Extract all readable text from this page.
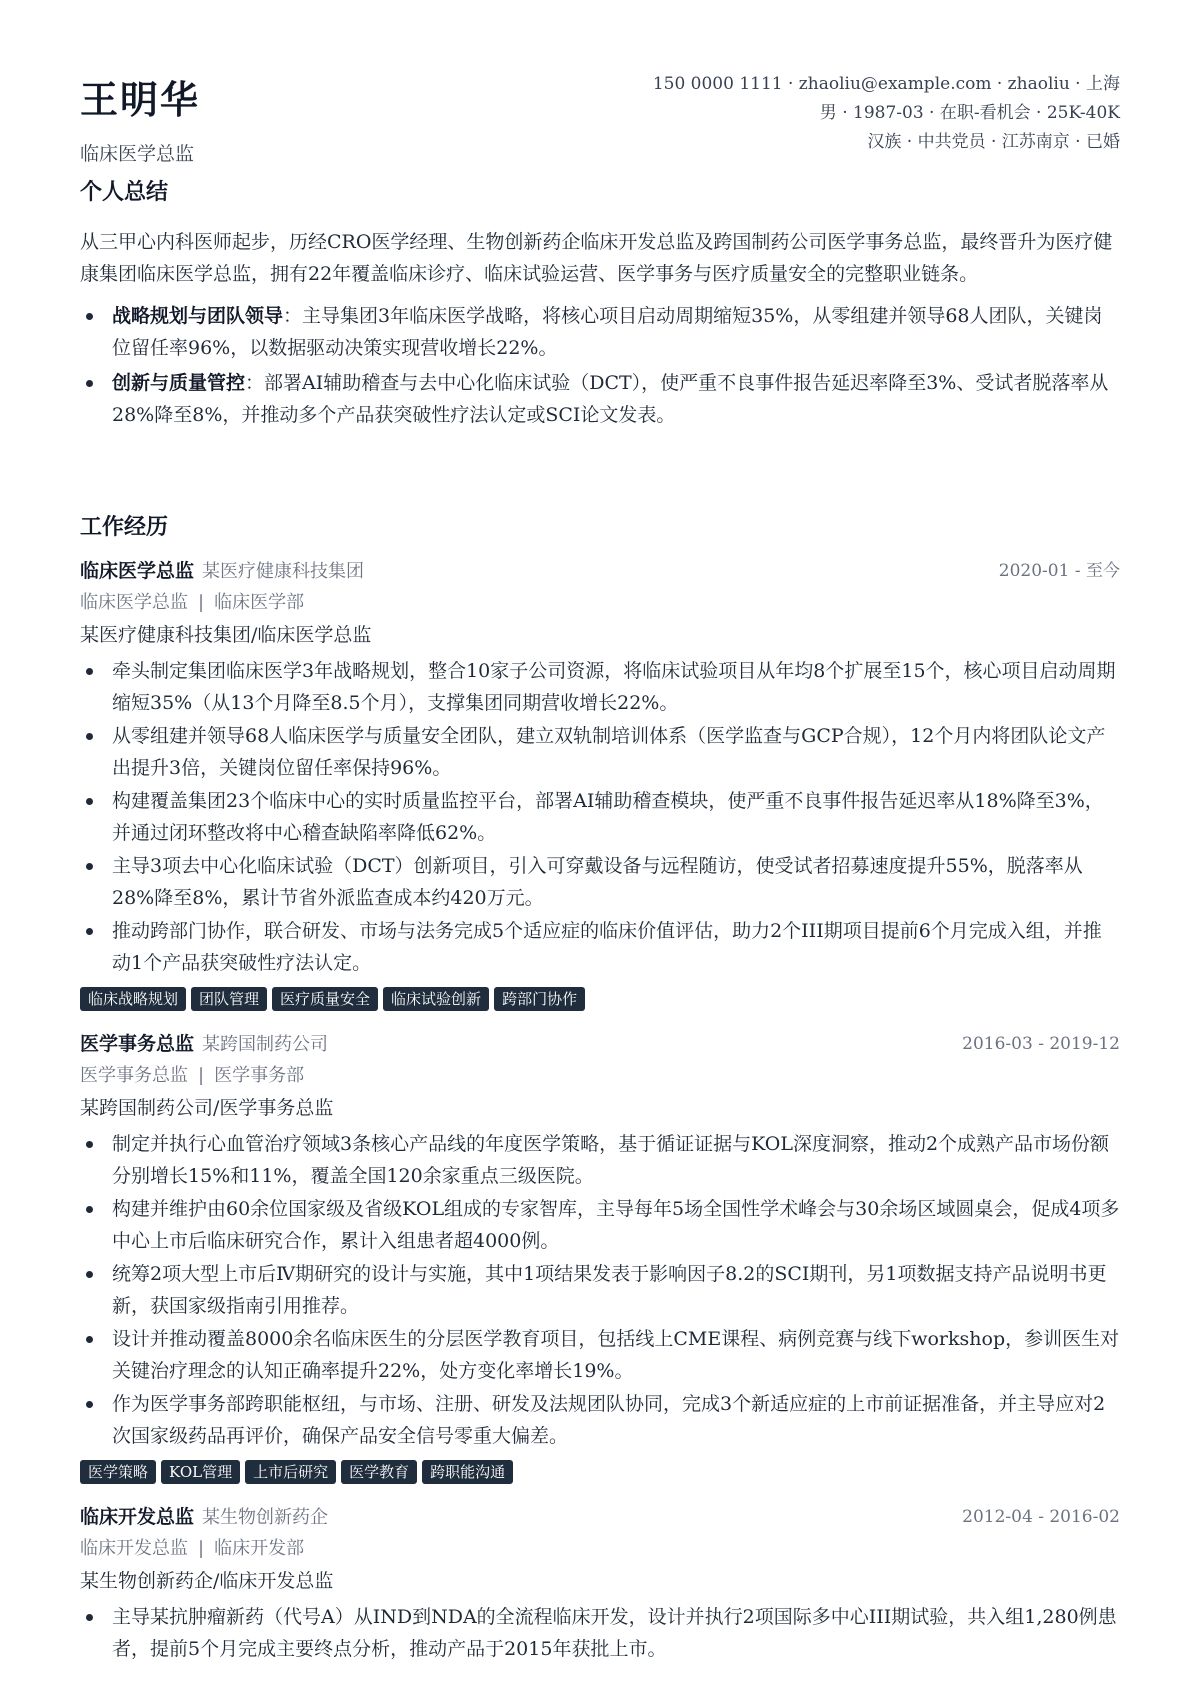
王明华
临床医学总监
150 0000 1111 · zhaoliu@example.com · zhaoliu · 上海
男 · 1987-03 · 在职-看机会 · 25K-40K
汉族 · 中共党员 · 江苏南京 · 已婚
个人总结

从三甲心内科医师起步，历经CRO医学经理、生物创新药企临床开发总监及跨国制药公司医学事务总监，最终晋升为医疗健康集团临床医学总监，拥有22年覆盖临床诊疗、临床试验运营、医学事务与医疗质量安全的完整职业链条。

战略规划与团队领导：主导集团3年临床医学战略，将核心项目启动周期缩短35%，从零组建并领导68人团队，关键岗位留任率96%，以数据驱动决策实现营收增长22%。
创新与质量管控：部署AI辅助稽查与去中心化临床试验（DCT），使严重不良事件报告延迟率降至3%、受试者脱落率从28%降至8%，并推动多个产品获突破性疗法认定或SCI论文发表。
工作经历
临床医学总监 某医疗健康科技集团	2020-01 - 至今
临床医学总监 | 临床医学部
某医疗健康科技集团/临床医学总监
牵头制定集团临床医学3年战略规划，整合10家子公司资源，将临床试验项目从年均8个扩展至15个，核心项目启动周期缩短35%（从13个月降至8.5个月），支撑集团同期营收增长22%。
从零组建并领导68人临床医学与质量安全团队，建立双轨制培训体系（医学监查与GCP合规），12个月内将团队论文产出提升3倍，关键岗位留任率保持96%。
构建覆盖集团23个临床中心的实时质量监控平台，部署AI辅助稽查模块，使严重不良事件报告延迟率从18%降至3%，并通过闭环整改将中心稽查缺陷率降低62%。
主导3项去中心化临床试验（DCT）创新项目，引入可穿戴设备与远程随访，使受试者招募速度提升55%，脱落率从28%降至8%，累计节省外派监查成本约420万元。
推动跨部门协作，联合研发、市场与法务完成5个适应症的临床价值评估，助力2个III期项目提前6个月完成入组，并推动1个产品获突破性疗法认定。
临床战略规划 团队管理 医疗质量安全 临床试验创新 跨部门协作
医学事务总监 某跨国制药公司	2016-03 - 2019-12
医学事务总监 | 医学事务部
某跨国制药公司/医学事务总监
制定并执行心血管治疗领域3条核心产品线的年度医学策略，基于循证证据与KOL深度洞察，推动2个成熟产品市场份额分别增长15%和11%，覆盖全国120余家重点三级医院。
构建并维护由60余位国家级及省级KOL组成的专家智库，主导每年5场全国性学术峰会与30余场区域圆桌会，促成4项多中心上市后临床研究合作，累计入组患者超4000例。
统筹2项大型上市后Ⅳ期研究的设计与实施，其中1项结果发表于影响因子8.2的SCI期刊，另1项数据支持产品说明书更新，获国家级指南引用推荐。
设计并推动覆盖8000余名临床医生的分层医学教育项目，包括线上CME课程、病例竞赛与线下workshop，参训医生对关键治疗理念的认知正确率提升22%，处方变化率增长19%。
作为医学事务部跨职能枢纽，与市场、注册、研发及法规团队协同，完成3个新适应症的上市前证据准备，并主导应对2次国家级药品再评价，确保产品安全信号零重大偏差。
医学策略 KOL管理 上市后研究 医学教育 跨职能沟通
临床开发总监 某生物创新药企	2012-04 - 2016-02
临床开发总监 | 临床开发部
某生物创新药企/临床开发总监
主导某抗肿瘤新药（代号A）从IND到NDA的全流程临床开发，设计并执行2项国际多中心III期试验，共入组1,280例患者，提前5个月完成主要终点分析，推动产品于2015年获批上市。
